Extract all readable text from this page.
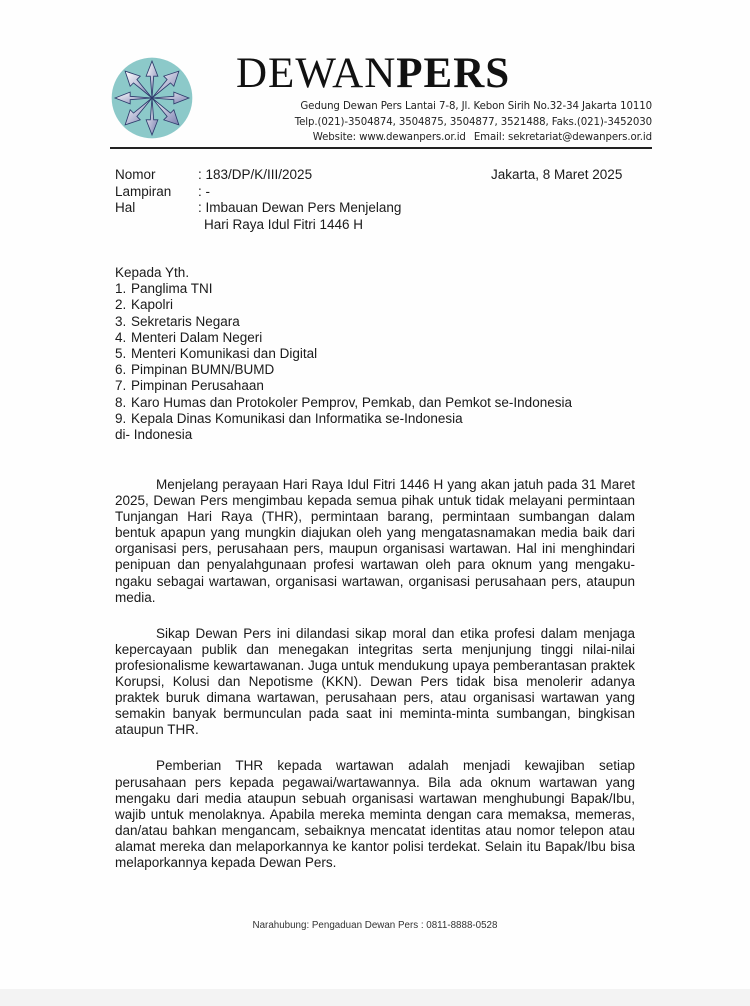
DEWANPERS
Gedung Dewan Pers Lantai 7-8, Jl. Kebon Sirih No.32-34 Jakarta 10110
Telp.(021)-3504874, 3504875, 3504877, 3521488, Faks.(021)-3452030
Website: www.dewanpers.or.id Email: sekretariat@dewanpers.or.id
Nomor	: 183/DP/K/III/2025
Lampiran	: -
Hal	: Imbauan Dewan Pers Menjelang
Hari Raya Idul Fitri 1446 H
Jakarta, 8 Maret 2025
Kepada Yth.
1. Panglima TNI
2. Kapolri
3. Sekretaris Negara
4. Menteri Dalam Negeri
5. Menteri Komunikasi dan Digital
6. Pimpinan BUMN/BUMD
7. Pimpinan Perusahaan
8. Karo Humas dan Protokoler Pemprov, Pemkab, dan Pemkot se-Indonesia
9. Kepala Dinas Komunikasi dan Informatika se-Indonesia
di- Indonesia

Menjelang perayaan Hari Raya Idul Fitri 1446 H yang akan jatuh pada 31 Maret 2025, Dewan Pers mengimbau kepada semua pihak untuk tidak melayani permintaan Tunjangan Hari Raya (THR), permintaan barang, permintaan sumbangan dalam bentuk apapun yang mungkin diajukan oleh yang mengatasnamakan media baik dari organisasi pers, perusahaan pers, maupun organisasi wartawan. Hal ini menghindari penipuan dan penyalahgunaan profesi wartawan oleh para oknum yang mengaku-ngaku sebagai wartawan, organisasi wartawan, organisasi perusahaan pers, ataupun media.

Sikap Dewan Pers ini dilandasi sikap moral dan etika profesi dalam menjaga kepercayaan publik dan menegakan integritas serta menjunjung tinggi nilai-nilai profesionalisme kewartawanan. Juga untuk mendukung upaya pemberantasan praktek Korupsi, Kolusi dan Nepotisme (KKN). Dewan Pers tidak bisa menolerir adanya praktek buruk dimana wartawan, perusahaan pers, atau organisasi wartawan yang semakin banyak bermunculan pada saat ini meminta-minta sumbangan, bingkisan ataupun THR.

Pemberian THR kepada wartawan adalah menjadi kewajiban setiap perusahaan pers kepada pegawai/wartawannya. Bila ada oknum wartawan yang mengaku dari media ataupun sebuah organisasi wartawan menghubungi Bapak/Ibu, wajib untuk menolaknya. Apabila mereka meminta dengan cara memaksa, memeras, dan/atau bahkan mengancam, sebaiknya mencatat identitas atau nomor telepon atau alamat mereka dan melaporkannya ke kantor polisi terdekat. Selain itu Bapak/Ibu bisa melaporkannya kepada Dewan Pers.

Narahubung: Pengaduan Dewan Pers : 0811-8888-0528
